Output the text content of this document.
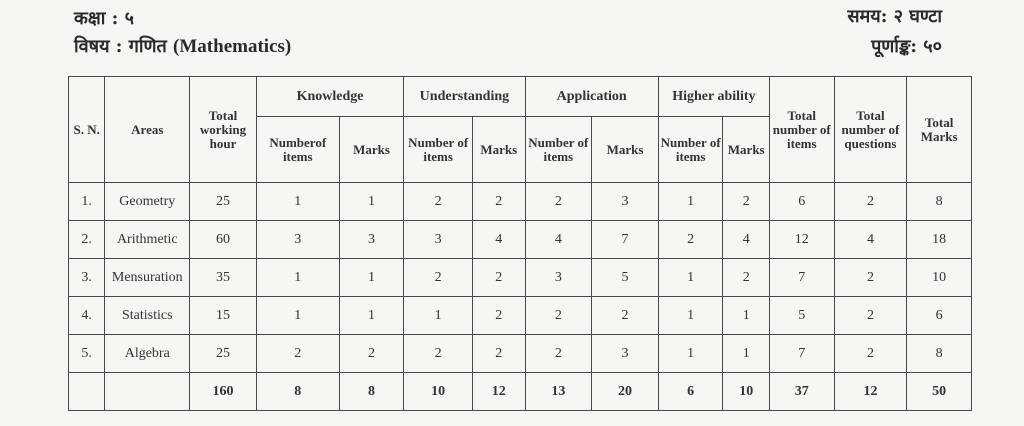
कक्षा : ५
विषय : गणित (Mathematics)
समय: २ घण्टा
पूर्णाङ्क: ५०
S. N.	Areas	Total working hour	Knowledge		Understanding		Application		Higher ability		Total number of items	Total number of questions	Total Marks
			Numberof items	Marks	Number of items	Marks	Number of items	Marks	Number of items	Marks			
1.	Geometry	25	1	1	2	2	2	3	1	2	6	2	8
2.	Arithmetic	60	3	3	3	4	4	7	2	4	12	4	18
3.	Mensuration	35	1	1	2	2	3	5	1	2	7	2	10
4.	Statistics	15	1	1	1	2	2	2	1	1	5	2	6
5.	Algebra	25	2	2	2	2	2	3	1	1	7	2	8
		160	8	8	10	12	13	20	6	10	37	12	50
